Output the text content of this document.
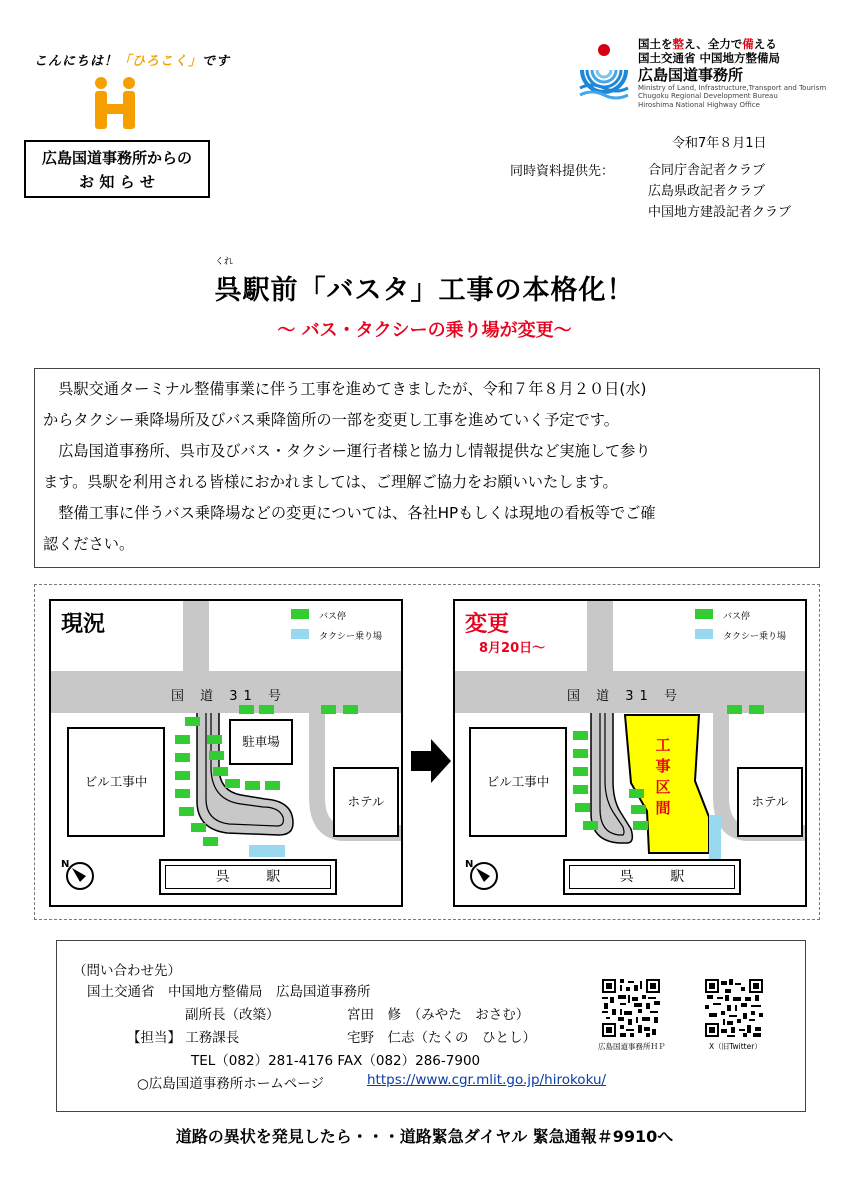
こんにちは！「ひろこく」です
広島国道事務所からの
お 知 ら せ
国土を整え、全力で備える
国土交通省 中国地方整備局
広島国道事務所
Ministry of Land, Infrastructure,Transport and Tourism
Chugoku Regional Development Bureau
Hiroshima National Highway Office
令和7年８月1日
同時資料提供先：	合同庁舎記者クラブ
広島県政記者クラブ
中国地方建設記者クラブ
くれ
呉駅前「バスタ」工事の本格化！
～ バス・タクシーの乗り場が変更～

　呉駅交通ターミナル整備事業に伴う工事を進めてきましたが、令和７年８月２０日(水)

からタクシー乗降場所及びバス乗降箇所の一部を変更し工事を進めていく予定です。

　広島国道事務所、呉市及びバス・タクシー運行者様と協力し情報提供など実施して参り

ます。呉駅を利用される皆様におかれましては、ご理解ご協力をお願いいたします。

　整備工事に伴うバス乗降場などの変更については、各社HPもしくは現地の看板等でご確

認ください。

国 道 31 号
ビル工事中
駐車場
ホテル
呉 駅
現況	バス停
タクシー乗り場
N
国 道 31 号
工事区間
ビル工事中
ホテル
呉 駅
変更
8月20日～
バス停
タクシー乗り場
N
（問い合わせ先）
国土交通省　中国地方整備局　広島国道事務所
副所長（改築）	宮田　修　（みやた　おさむ）
【担当】 工務課長	宅野　仁志（たくの　ひとし）
TEL（082）281-4176 FAX（082）286-7900
○広島国道事務所ホームページ	https://www.cgr.mlit.go.jp/hirokoku/
広島国道事務所ＨＰ	X（旧Twitter）
道路の異状を発見したら・・・道路緊急ダイヤル 緊急通報＃9910へ
